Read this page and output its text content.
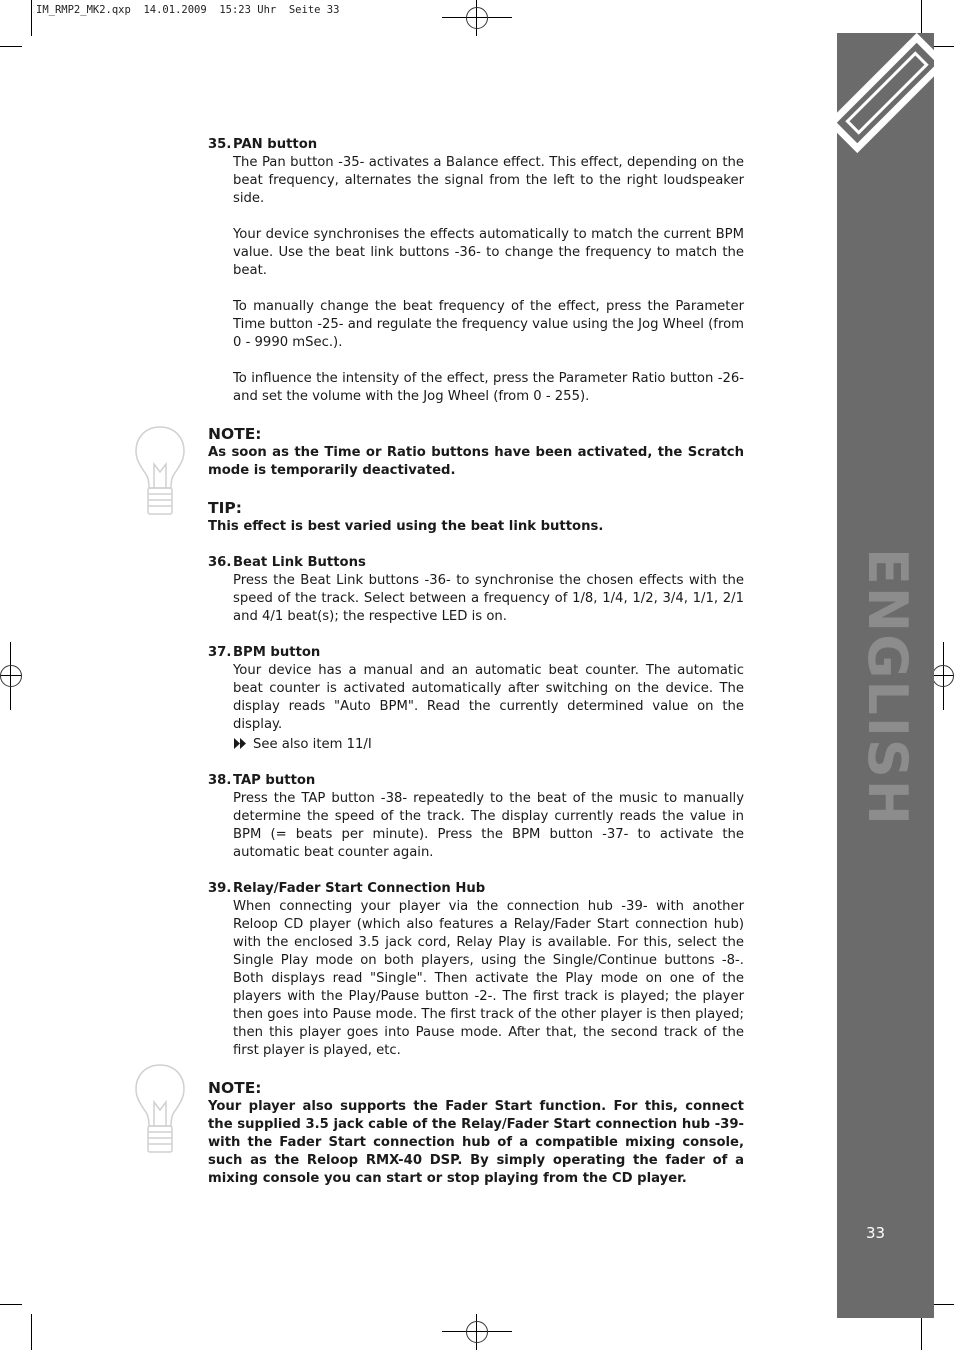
IM_RMP2_MK2.qxp  14.01.2009  15:23 Uhr  Seite 33
33
ENGLISH
35. PAN button

The Pan button -35- activates a Balance effect. This effect, depending on the beat frequency, alternates the signal from the left to the right loudspeaker side.

Your device synchronises the effects automatically to match the current BPM value. Use the beat link buttons -36- to change the frequency to match the beat.

To manually change the beat frequency of the effect, press the Parameter Time button -25- and regulate the frequency value using the Jog Wheel (from 0 - 9990 mSec.).

To influence the intensity of the effect, press the Parameter Ratio button -26- and set the volume with the Jog Wheel (from 0 - 255).

NOTE:
As soon as the Time or Ratio buttons have been activated, the Scratch mode is temporarily deactivated.
TIP:
This effect is best varied using the beat link buttons.
36. Beat Link Buttons

Press the Beat Link buttons -36- to synchronise the chosen effects with the speed of the track. Select between a frequency of 1/8, 1/4, 1/2, 3/4, 1/1, 2/1 and 4/1 beat(s); the respective LED is on.

37. BPM button

Your device has a manual and an automatic beat counter. The automatic beat counter is activated automatically after switching on the device. The display reads "Auto BPM". Read the currently determined value on the display.

See also item 11/I
38. TAP button

Press the TAP button -38- repeatedly to the beat of the music to manually determine the speed of the track. The display currently reads the value in BPM (= beats per minute). Press the BPM button -37- to activate the automatic beat counter again.

39. Relay/Fader Start Connection Hub

When connecting your player via the connection hub -39- with another Reloop CD player (which also features a Relay/Fader Start connection hub) with the enclosed 3.5 jack cord, Relay Play is available. For this, select the Single Play mode on both players, using the Single/Continue buttons -8-. Both displays read "Single". Then activate the Play mode on one of the players with the Play/Pause button -2-. The first track is played; the player then goes into Pause mode. The first track of the other player is then played; then this player goes into Pause mode. After that, the second track of the first player is played, etc.

NOTE:
Your player also supports the Fader Start function. For this, connect the supplied 3.5 jack cable of the Relay/Fader Start connection hub -39- with the Fader Start connection hub of a compatible mixing console, such as the Reloop RMX-40 DSP. By simply operating the fader of a mixing console you can start or stop playing from the CD player.
